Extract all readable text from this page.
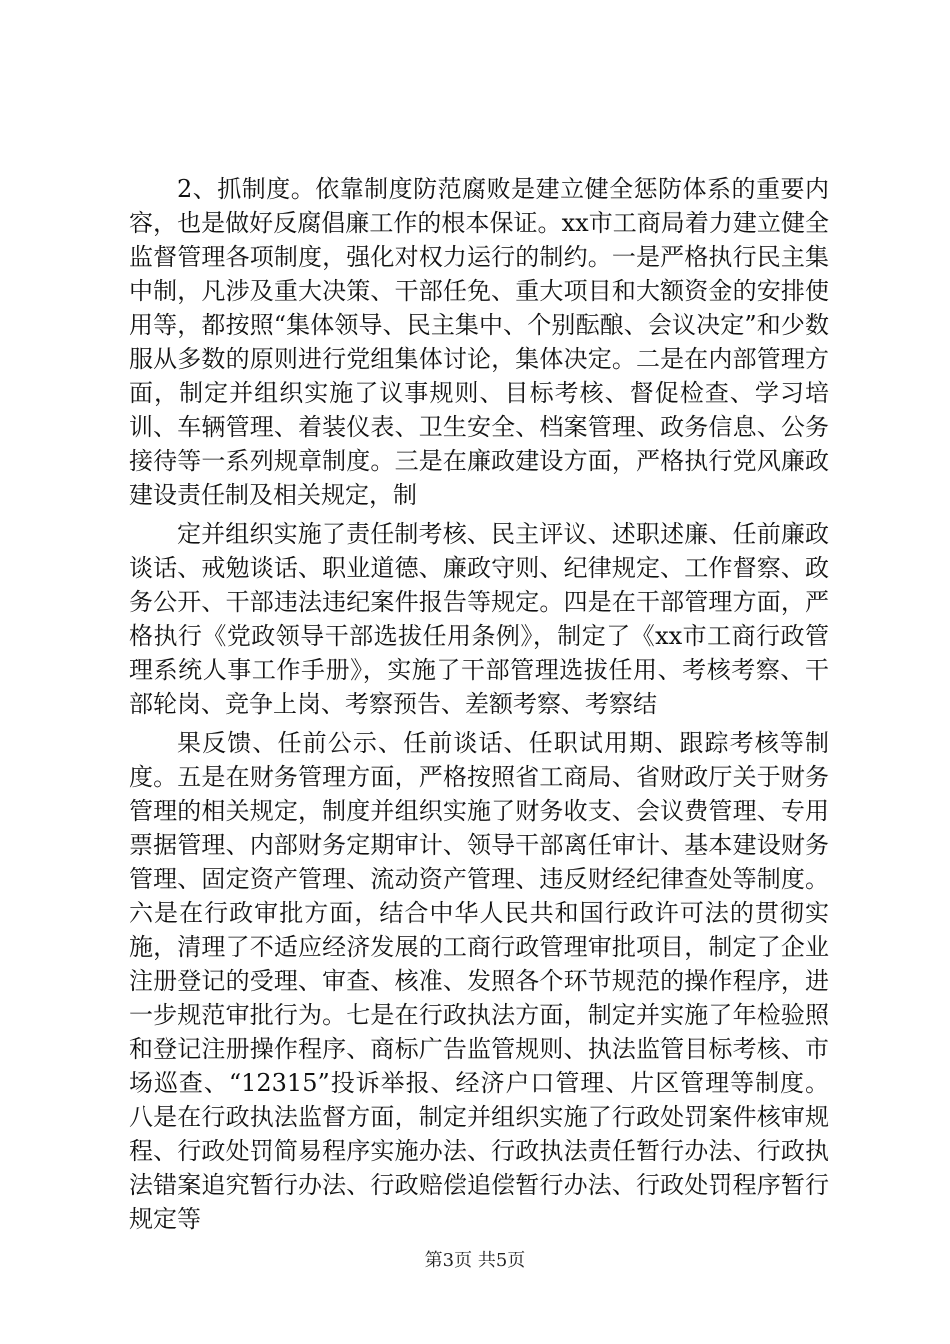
2、抓制度。依靠制度防范腐败是建立健全惩防体系的重要内容，也是做好反腐倡廉工作的根本保证。xx市工商局着力建立健全监督管理各项制度，强化对权力运行的制约。一是严格执行民主集中制，凡涉及重大决策、干部任免、重大项目和大额资金的安排使用等，都按照“集体领导、民主集中、个别酝酿、会议决定”和少数服从多数的原则进行党组集体讨论，集体决定。二是在内部管理方面，制定并组织实施了议事规则、目标考核、督促检查、学习培训、车辆管理、着装仪表、卫生安全、档案管理、政务信息、公务接待等一系列规章制度。三是在廉政建设方面，严格执行党风廉政建设责任制及相关规定，制

定并组织实施了责任制考核、民主评议、述职述廉、任前廉政谈话、戒勉谈话、职业道德、廉政守则、纪律规定、工作督察、政务公开、干部违法违纪案件报告等规定。四是在干部管理方面，严格执行《党政领导干部选拔任用条例》，制定了《xx市工商行政管理系统人事工作手册》，实施了干部管理选拔任用、考核考察、干部轮岗、竞争上岗、考察预告、差额考察、考察结

果反馈、任前公示、任前谈话、任职试用期、跟踪考核等制度。五是在财务管理方面，严格按照省工商局、省财政厅关于财务管理的相关规定，制度并组织实施了财务收支、会议费管理、专用票据管理、内部财务定期审计、领导干部离任审计、基本建设财务管理、固定资产管理、流动资产管理、违反财经纪律查处等制度。六是在行政审批方面，结合中华人民共和国行政许可法的贯彻实施，清理了不适应经济发展的工商行政管理审批项目，制定了企业注册登记的受理、审查、核准、发照各个环节规范的操作程序，进一步规范审批行为。七是在行政执法方面，制定并实施了年检验照和登记注册操作程序、商标广告监管规则、执法监管目标考核、市场巡查、“12315”投诉举报、经济户口管理、片区管理等制度。八是在行政执法监督方面，制定并组织实施了行政处罚案件核审规程、行政处罚简易程序实施办法、行政执法责任暂行办法、行政执法错案追究暂行办法、行政赔偿追偿暂行办法、行政处罚程序暂行规定等

第3页 共5页
